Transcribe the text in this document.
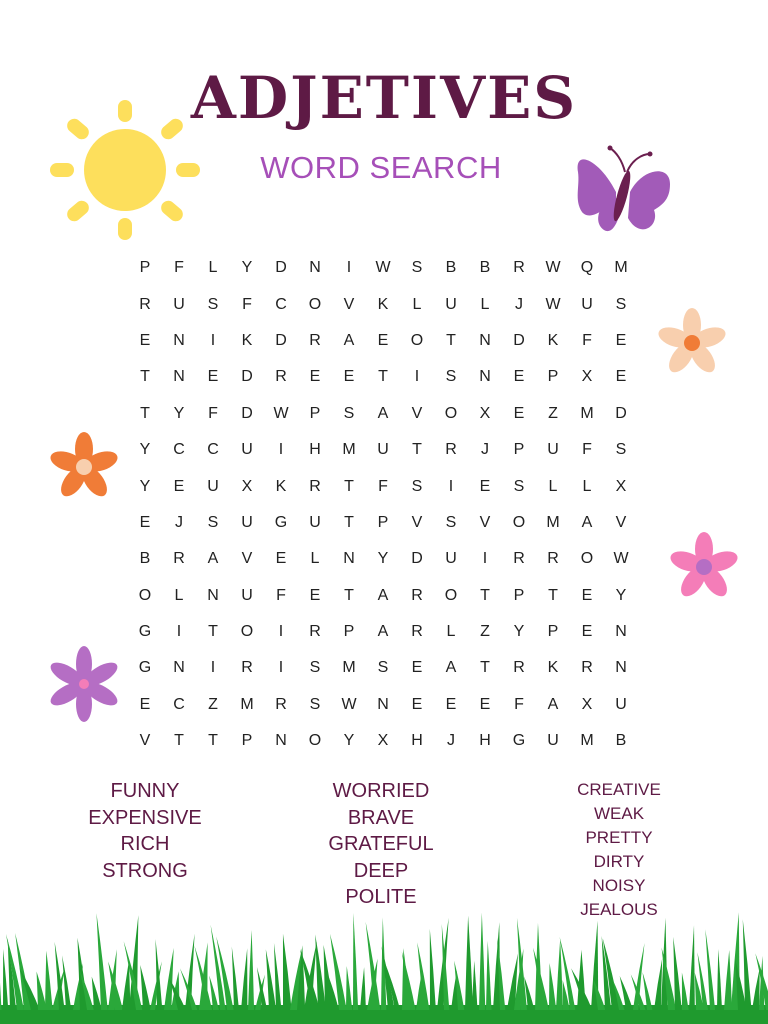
ADJETIVES
WORD SEARCH
P	F	L	Y	D	N	I	W	S	B	B	R	W	Q	M
R	U	S	F	C	O	V	K	L	U	L	J	W	U	S
E	N	I	K	D	R	A	E	O	T	N	D	K	F	E
T	N	E	D	R	E	E	T	I	S	N	E	P	X	E
T	Y	F	D	W	P	S	A	V	O	X	E	Z	M	D
Y	C	C	U	I	H	M	U	T	R	J	P	U	F	S
Y	E	U	X	K	R	T	F	S	I	E	S	L	L	X
E	J	S	U	G	U	T	P	V	S	V	O	M	A	V
B	R	A	V	E	L	N	Y	D	U	I	R	R	O	W
O	L	N	U	F	E	T	A	R	O	T	P	T	E	Y
G	I	T	O	I	R	P	A	R	L	Z	Y	P	E	N
G	N	I	R	I	S	M	S	E	A	T	R	K	R	N
E	C	Z	M	R	S	W	N	E	E	E	F	A	X	U
V	T	T	P	N	O	Y	X	H	J	H	G	U	M	B
FUNNY
EXPENSIVE
RICH
STRONG
WORRIED
BRAVE
GRATEFUL
DEEP
POLITE
CREATIVE
WEAK
PRETTY
DIRTY
NOISY
JEALOUS
